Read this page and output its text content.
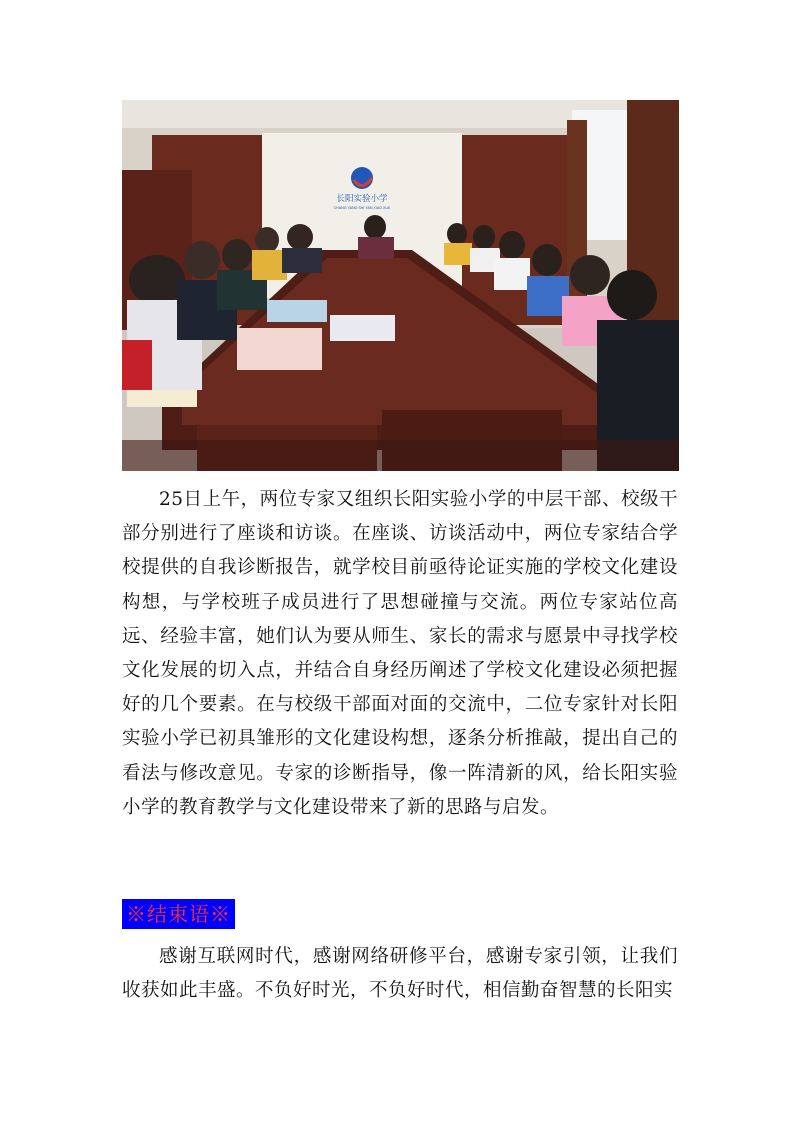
长阳实验小学
CHANG YANG SHI YAN XIAO XUE

25日上午，两位专家又组织长阳实验小学的中层干部、校级干部分别进行了座谈和访谈。在座谈、访谈活动中，两位专家结合学校提供的自我诊断报告，就学校目前亟待论证实施的学校文化建设构想，与学校班子成员进行了思想碰撞与交流。两位专家站位高远、经验丰富，她们认为要从师生、家长的需求与愿景中寻找学校文化发展的切入点，并结合自身经历阐述了学校文化建设必须把握好的几个要素。在与校级干部面对面的交流中，二位专家针对长阳实验小学已初具雏形的文化建设构想，逐条分析推敲，提出自己的看法与修改意见。专家的诊断指导，像一阵清新的风，给长阳实验小学的教育教学与文化建设带来了新的思路与启发。

※结束语※

感谢互联网时代，感谢网络研修平台，感谢专家引领，让我们收获如此丰盛。不负好时光，不负好时代，相信勤奋智慧的长阳实
